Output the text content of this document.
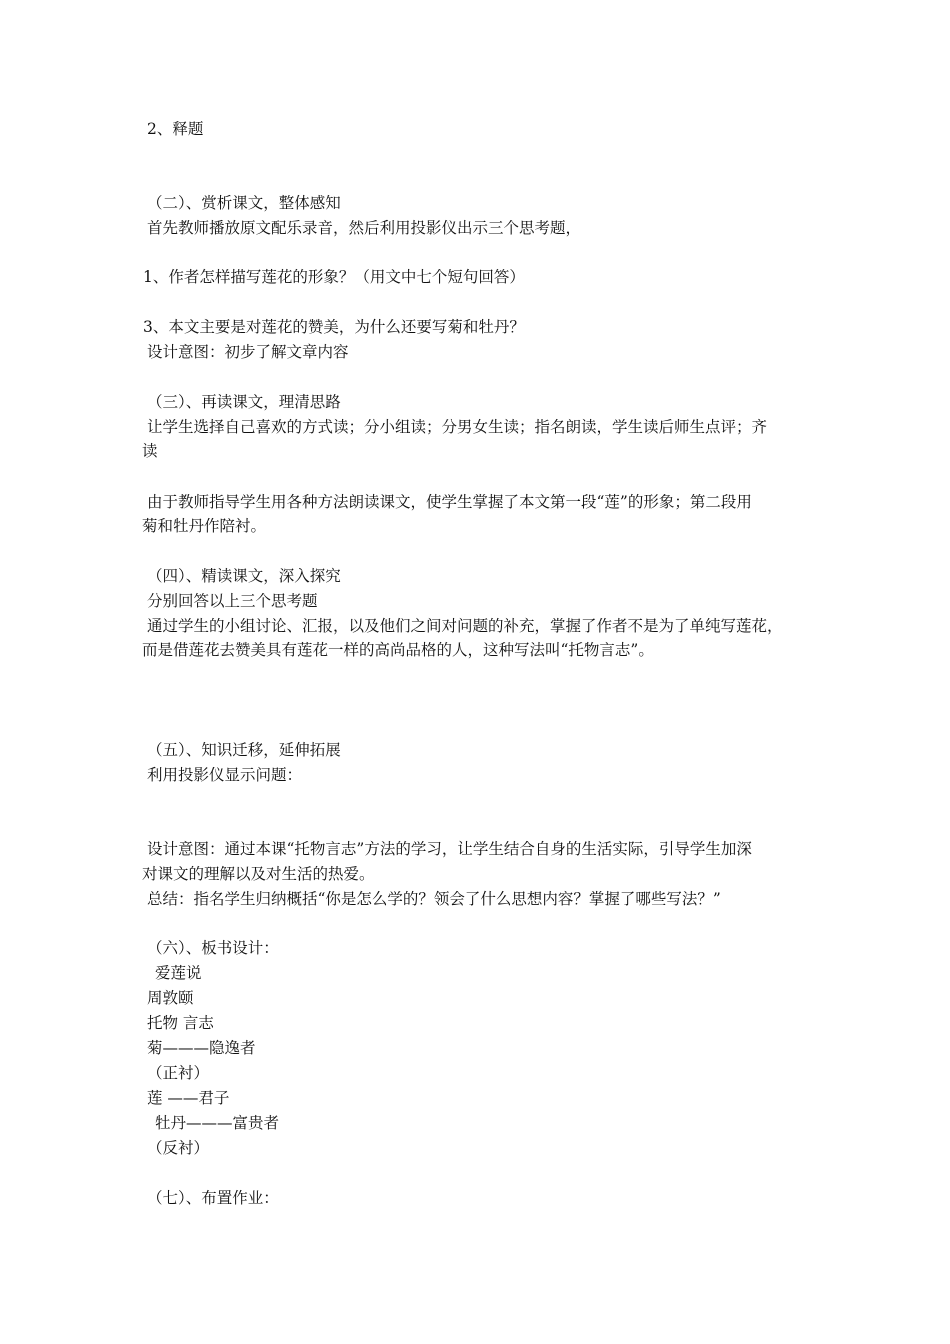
2、释题
（二）、赏析课文，整体感知
首先教师播放原文配乐录音，然后利用投影仪出示三个思考题，
1、作者怎样描写莲花的形象？（用文中七个短句回答）
3、本文主要是对莲花的赞美，为什么还要写菊和牡丹？
设计意图：初步了解文章内容
（三）、再读课文，理清思路
让学生选择自己喜欢的方式读；分小组读；分男女生读；指名朗读，学生读后师生点评；齐
读
由于教师指导学生用各种方法朗读课文，使学生掌握了本文第一段“莲”的形象；第二段用
菊和牡丹作陪衬。
（四）、精读课文，深入探究
分别回答以上三个思考题
通过学生的小组讨论、汇报，以及他们之间对问题的补充，掌握了作者不是为了单纯写莲花，
而是借莲花去赞美具有莲花一样的高尚品格的人，这种写法叫“托物言志”。
（五）、知识迁移，延伸拓展
利用投影仪显示问题：
设计意图：通过本课“托物言志”方法的学习，让学生结合自身的生活实际，引导学生加深
对课文的理解以及对生活的热爱。
总结：指名学生归纳概括“你是怎么学的？领会了什么思想内容？掌握了哪些写法？”
（六）、板书设计：
爱莲说
周敦颐
托物 言志
菊———隐逸者
（正衬）
莲 ——君子
牡丹———富贵者
（反衬）
（七）、布置作业：
